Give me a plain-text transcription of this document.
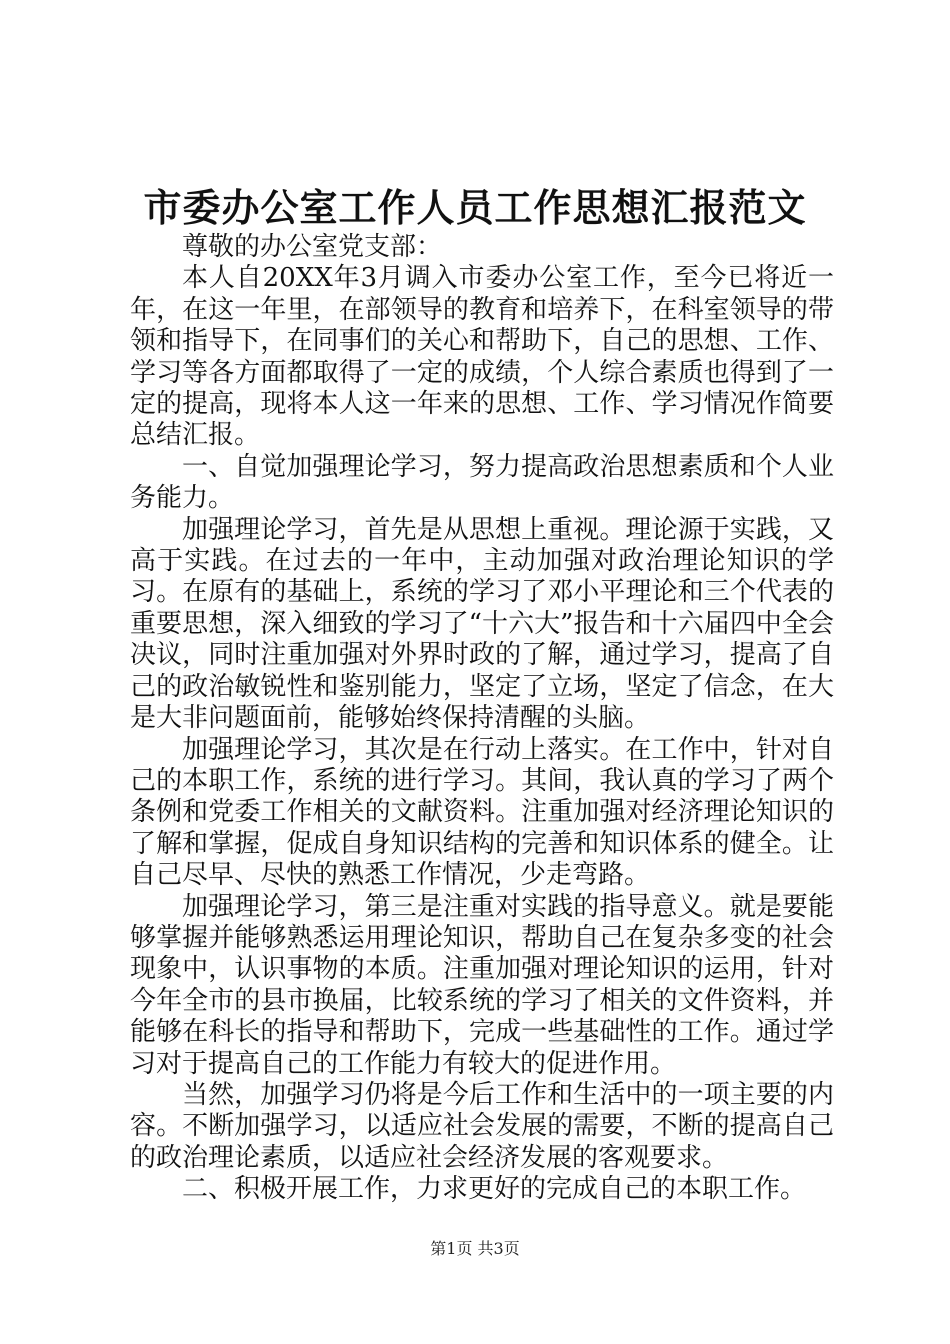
市委办公室工作人员工作思想汇报范文

尊敬的办公室党支部：

本人自20XX年3月调入市委办公室工作，至今已将近一年，在这一年里，在部领导的教育和培养下，在科室领导的带领和指导下，在同事们的关心和帮助下，自己的思想、工作、学习等各方面都取得了一定的成绩，个人综合素质也得到了一定的提高，现将本人这一年来的思想、工作、学习情况作简要总结汇报。

一、自觉加强理论学习，努力提高政治思想素质和个人业务能力。

加强理论学习，首先是从思想上重视。理论源于实践，又高于实践。在过去的一年中，主动加强对政治理论知识的学习。在原有的基础上，系统的学习了邓小平理论和三个代表的重要思想，深入细致的学习了“十六大”报告和十六届四中全会决议，同时注重加强对外界时政的了解，通过学习，提高了自己的政治敏锐性和鉴别能力，坚定了立场，坚定了信念，在大是大非问题面前，能够始终保持清醒的头脑。

加强理论学习，其次是在行动上落实。在工作中，针对自己的本职工作，系统的进行学习。其间，我认真的学习了两个条例和党委工作相关的文献资料。注重加强对经济理论知识的了解和掌握，促成自身知识结构的完善和知识体系的健全。让自己尽早、尽快的熟悉工作情况，少走弯路。

加强理论学习，第三是注重对实践的指导意义。就是要能够掌握并能够熟悉运用理论知识，帮助自己在复杂多变的社会现象中，认识事物的本质。注重加强对理论知识的运用，针对今年全市的县市换届，比较系统的学习了相关的文件资料，并能够在科长的指导和帮助下，完成一些基础性的工作。通过学习对于提高自己的工作能力有较大的促进作用。

当然，加强学习仍将是今后工作和生活中的一项主要的内容。不断加强学习，以适应社会发展的需要，不断的提高自己的政治理论素质，以适应社会经济发展的客观要求。

二、积极开展工作，力求更好的完成自己的本职工作。

第1页 共3页
